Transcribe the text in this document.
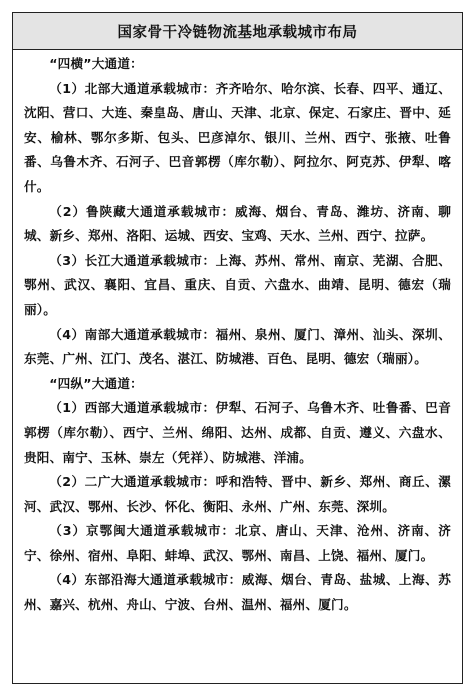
国家骨干冷链物流基地承载城市布局

“四横”大通道：

（1）北部大通道承载城市：齐齐哈尔、哈尔滨、长春、四平、通辽、沈阳、营口、大连、秦皇岛、唐山、天津、北京、保定、石家庄、晋中、延安、榆林、鄂尔多斯、包头、巴彦淖尔、银川、兰州、西宁、张掖、吐鲁番、乌鲁木齐、石河子、巴音郭楞（库尔勒）、阿拉尔、阿克苏、伊犁、喀什。

（2）鲁陕藏大通道承载城市：威海、烟台、青岛、潍坊、济南、聊城、新乡、郑州、洛阳、运城、西安、宝鸡、天水、兰州、西宁、拉萨。

（3）长江大通道承载城市：上海、苏州、常州、南京、芜湖、合肥、鄂州、武汉、襄阳、宜昌、重庆、自贡、六盘水、曲靖、昆明、德宏（瑞丽）。

（4）南部大通道承载城市：福州、泉州、厦门、漳州、汕头、深圳、东莞、广州、江门、茂名、湛江、防城港、百色、昆明、德宏（瑞丽）。

“四纵”大通道：

（1）西部大通道承载城市：伊犁、石河子、乌鲁木齐、吐鲁番、巴音郭楞（库尔勒）、西宁、兰州、绵阳、达州、成都、自贡、遵义、六盘水、贵阳、南宁、玉林、崇左（凭祥）、防城港、洋浦。

（2）二广大通道承载城市：呼和浩特、晋中、新乡、郑州、商丘、漯河、武汉、鄂州、长沙、怀化、衡阳、永州、广州、东莞、深圳。

（3）京鄂闽大通道承载城市：北京、唐山、天津、沧州、济南、济宁、徐州、宿州、阜阳、蚌埠、武汉、鄂州、南昌、上饶、福州、厦门。

（4）东部沿海大通道承载城市：威海、烟台、青岛、盐城、上海、苏州、嘉兴、杭州、舟山、宁波、台州、温州、福州、厦门。
